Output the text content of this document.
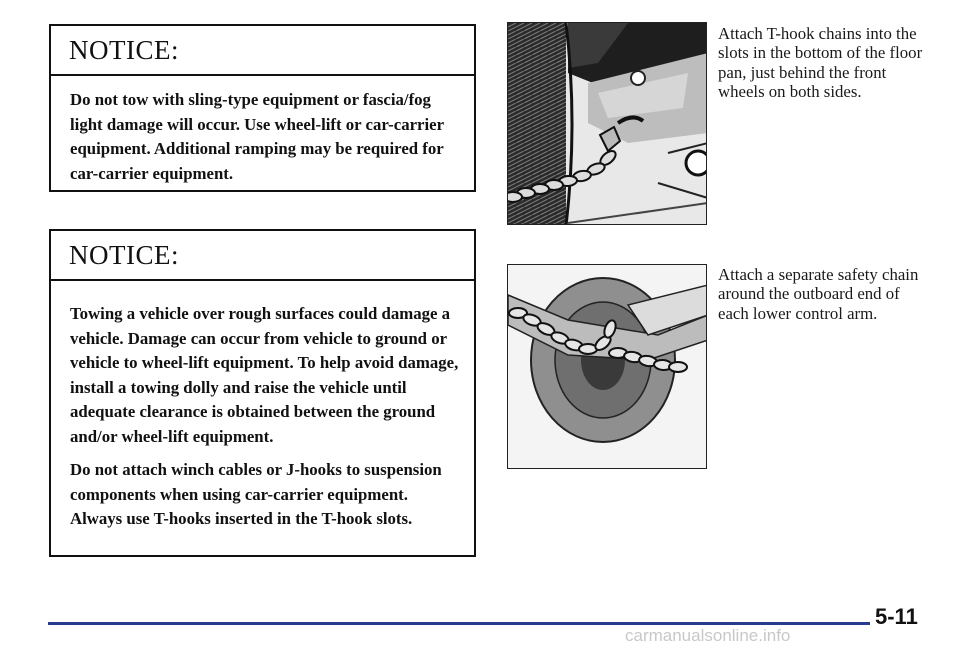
NOTICE:

Do not tow with sling-type equipment or fascia/fog light damage will occur. Use wheel-lift or car-carrier equipment. Additional ramping may be required for car-carrier equipment.

NOTICE:

Towing a vehicle over rough surfaces could damage a vehicle. Damage can occur from vehicle to ground or vehicle to wheel-lift equipment. To help avoid damage, install a towing dolly and raise the vehicle until adequate clearance is obtained between the ground and/or wheel-lift equipment.

Do not attach winch cables or J-hooks to suspension components when using car-carrier equipment. Always use T-hooks inserted in the T-hook slots.

Attach T-hook chains into the slots in the bottom of the floor pan, just behind the front wheels on both sides.
Attach a separate safety chain around the outboard end of each lower control arm.
5-11
carmanualsonline.info
